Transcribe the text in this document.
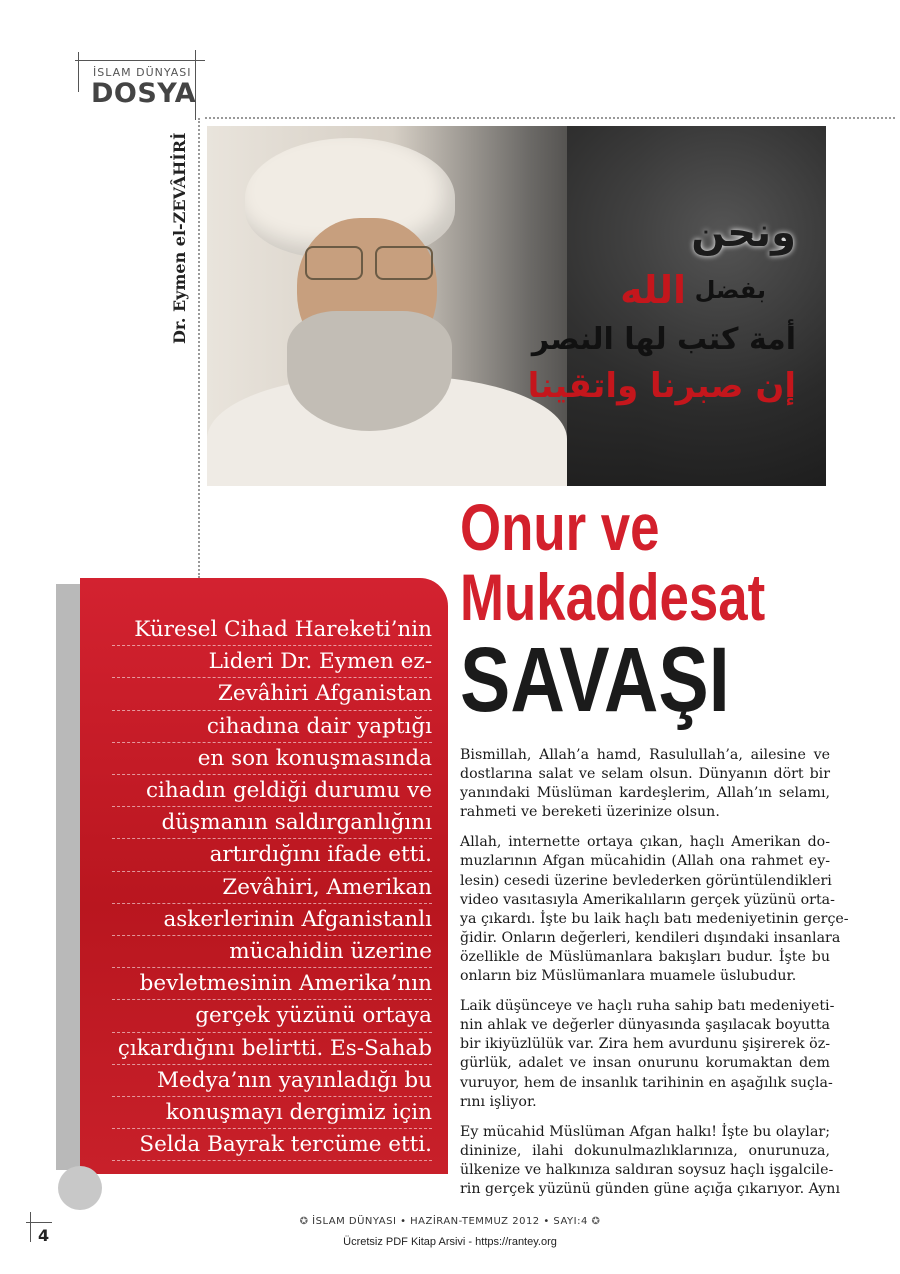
İSLAM DÜNYASI
DOSYA
Dr. Eymen el-ZEVÂHİRİ	ونحن
الله بفضل
أمة كتب لها النصر
إن صبرنا واتقينا
Onur ve
Mukaddesat
SAVAŞI
Küresel Cihad Hareketi’nin
Lideri Dr. Eymen ez-
Zevâhiri Afganistan
cihadına dair yaptığı
en son konuşmasında
cihadın geldiği durumu ve
düşmanın saldırganlığını
artırdığını ifade etti.
Zevâhiri, Amerikan
askerlerinin Afganistanlı
mücahidin üzerine
bevletmesinin Amerika’nın
gerçek yüzünü ortaya
çıkardığını belirtti. Es-Sahab
Medya’nın yayınladığı bu
konuşmayı dergimiz için
Selda Bayrak tercüme etti.

Bismillah, Allah’a hamd, Rasulullah’a, ailesine ve
dostlarına salat ve selam olsun. Dünyanın dört bir
yanındaki Müslüman kardeşlerim, Allah’ın selamı,
rahmeti ve bereketi üzerinize olsun.

Allah, internette ortaya çıkan, haçlı Amerikan do-
muzlarının Afgan mücahidin (Allah ona rahmet ey-
lesin) cesedi üzerine bevlederken görüntülendikleri
video vasıtasıyla Amerikalıların gerçek yüzünü orta-
ya çıkardı. İşte bu laik haçlı batı medeniyetinin gerçe-
ğidir. Onların değerleri, kendileri dışındaki insanlara
özellikle de Müslümanlara bakışları budur. İşte bu
onların biz Müslümanlara muamele üslubudur.

Laik düşünceye ve haçlı ruha sahip batı medeniyeti-
nin ahlak ve değerler dünyasında şaşılacak boyutta
bir ikiyüzlülük var. Zira hem avurdunu şişirerek öz-
gürlük, adalet ve insan onurunu korumaktan dem
vuruyor, hem de insanlık tarihinin en aşağılık suçla-
rını işliyor.

Ey mücahid Müslüman Afgan halkı! İşte bu olaylar;
dininize, ilahi dokunulmazlıklarınıza, onurunuza,
ülkenize ve halkınıza saldıran soysuz haçlı işgalcile-
rin gerçek yüzünü günden güne açığa çıkarıyor. Aynı

4
✪ İSLAM DÜNYASI • HAZİRAN-TEMMUZ 2012 • SAYI:4 ✪
Ücretsiz PDF Kitap Arsivi - https://rantey.org
